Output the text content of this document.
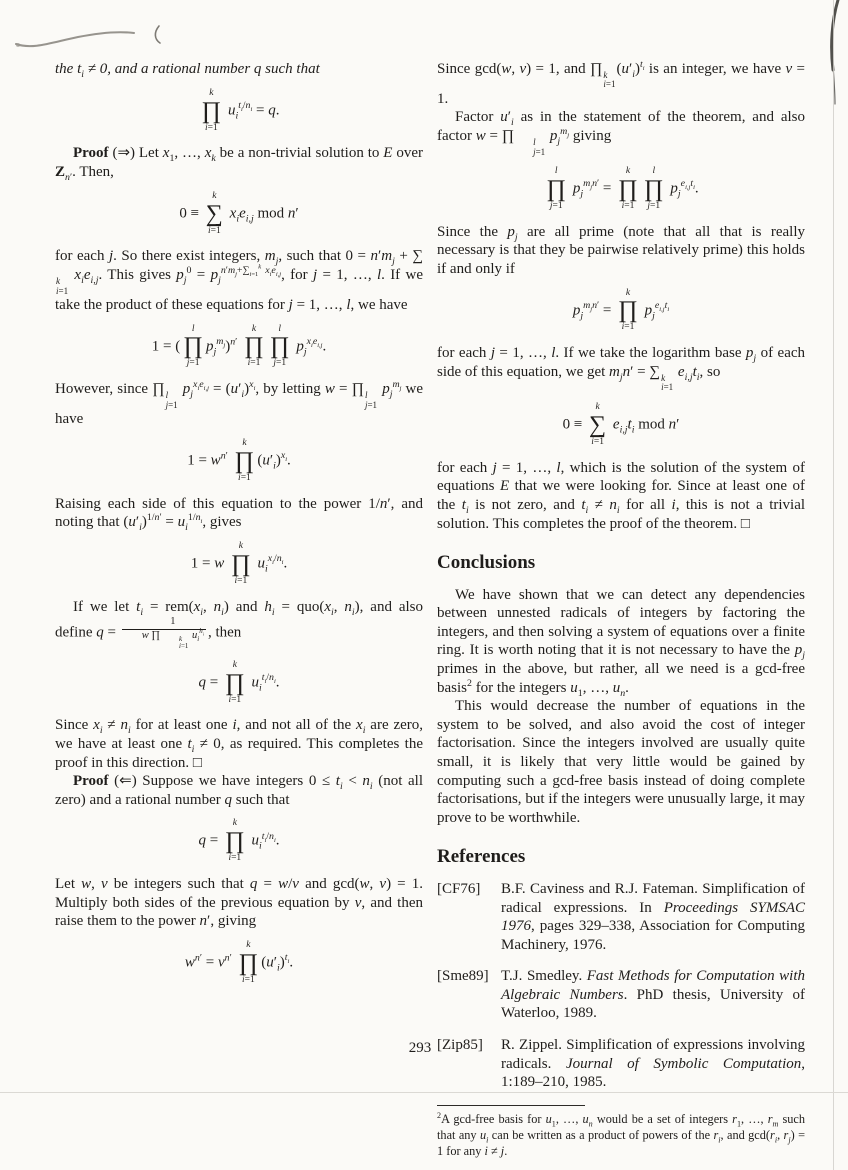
the $t_i \ne 0$, and a rational number q such that
k
∏
i=1
$u_i^{t_i/n_i} = q$.
Proof (⇒) Let $x_1$, …, $x_k$ be a non-trivial solution to E over $Z_{n'}$. Then,
0 ≡
k
∑
i=1
$x_ie_{i,j}$ mod n′
for each j. So there exist integers, $m_j$, such that $0 = n'm_j$ + ∑
k
i=1
$x_ie_{i,j}$. This gives $p_j^0 = p_j^{n'm_j+\sum_{i=1}^k x_ie_{i,j}}$, for j = 1, …, l. If we take the product of these equations for j = 1, …, l, we have
1 = (
l
∏
j=1
$p_j^{m_j})^{n'}$
k
∏
i=1
l
∏
j=1
$p_j^{x_ie_{i,j}}$.
However, since ∏ l
j=1
$p_j^{x_ie_{i,j}} = (u'_i)^{x_i}$, by letting w = ∏ l
j=1
$p_j^{m_j}$ we have
$1 = w^{n'}$
k
∏
i=1
$(u'_i)^{x_i}$.
Raising each side of this equation to the power 1/n′, and noting that $(u'_i)^{1/n'} = u_i^{1/n_i}$, gives
1 = w
k
∏
i=1
$u_i^{x_i/n_i}$.
If we let $t_i = rem(x_i$, $n_i$) and $h_i = quo(x_i$, $n_i$), and also define q = 1
w ∏	k
i=1
$u_i^{h_i}$ , then
q =
k
∏
i=1
$u_i^{t_i/n_i}$.
Since $x_i \ne n_i$ for at least one i, and not all of the $x_i$ are zero, we have at least one $t_i \ne 0$, as required. This completes the proof in this direction. □
Proof (⇐) Suppose we have integers $0 \le t_i < n_i$ (not all zero) and a rational number q such that
q =
k
∏
i=1
$u_i^{t_i/n_i}$.
Let w, v be integers such that q = w/v and gcd(w, v) = 1. Multiply both sides of the previous equation by v, and then raise them to the power n′, giving
$w^{n'} = v^{n'}$
k
∏
i=1
$(u'_i)^{t_i}$.
Since gcd(w, v) = 1, and ∏ k
i=1
$(u'_i)^{t_i}$ is an integer, we have v = 1.
Factor $u'_i$ as in the statement of the theorem, and also factor w = ∏	l
j=1
$p_j^{m_j}$ giving
l
∏
j=1
$p_j^{m_jn'}$ =
k
∏
i=1
l
∏
j=1
$p_j^{e_{i,j}t_i}$.
Since the $p_j$ are all prime (note that all that is really necessary is that they be pairwise relatively prime) this holds if and only if
$p_j^{m_jn'}$ =
k
∏
i=1
$p_j^{e_{i,j}t_i}$
for each j = 1, …, l. If we take the logarithm base $p_j$ of each side of this equation, we get $m_jn'$ = ∑ k
i=1
$e_{i,j}t_i$, so
0 ≡
k
∑
i=1
$e_{i,j}t_i$ mod n′
for each j = 1, …, l, which is the solution of the system of equations E that we were looking for. Since at least one of the $t_i$ is not zero, and $t_i \ne n_i$ for all i, this is not a trivial solution. This completes the proof of the theorem. □
Conclusions
We have shown that we can detect any dependencies between unnested radicals of integers by factoring the integers, and then solving a system of equations over a finite ring. It is worth noting that it is not necessary to have the $p_j$ primes in the above, but rather, all we need is a gcd-free basis$^2$ for the integers $u_1$, …, $u_n$.
This would decrease the number of equations in the system to be solved, and also avoid the cost of integer factorisation. Since the integers involved are usually quite small, it is likely that very little would be gained by computing such a gcd-free basis instead of doing complete factorisations, but if the integers were unusually large, it may prove to be worthwhile.
References
[CF76]	B.F. Caviness and R.J. Fateman. Simplification of radical expressions. In Proceedings SYMSAC 1976, pages 329–338, Association for Computing Machinery, 1976.
[Sme89] T.J. Smedley. Fast Methods for Computation with Algebraic Numbers. PhD thesis, University of Waterloo, 1989.
[Zip85]	R. Zippel. Simplification of expressions involving radicals. Journal of Symbolic Computation, 1:189–210, 1985.
$^2$A gcd-free basis for $u_1$, …, $u_n$ would be a set of integers $r_1$, …, $r_m$ such that any $u_i$ can be written as a product of powers of the $r_i$, and $\gcd(r_i$, $r_j) = 1$ for any i ≠ j.
293
